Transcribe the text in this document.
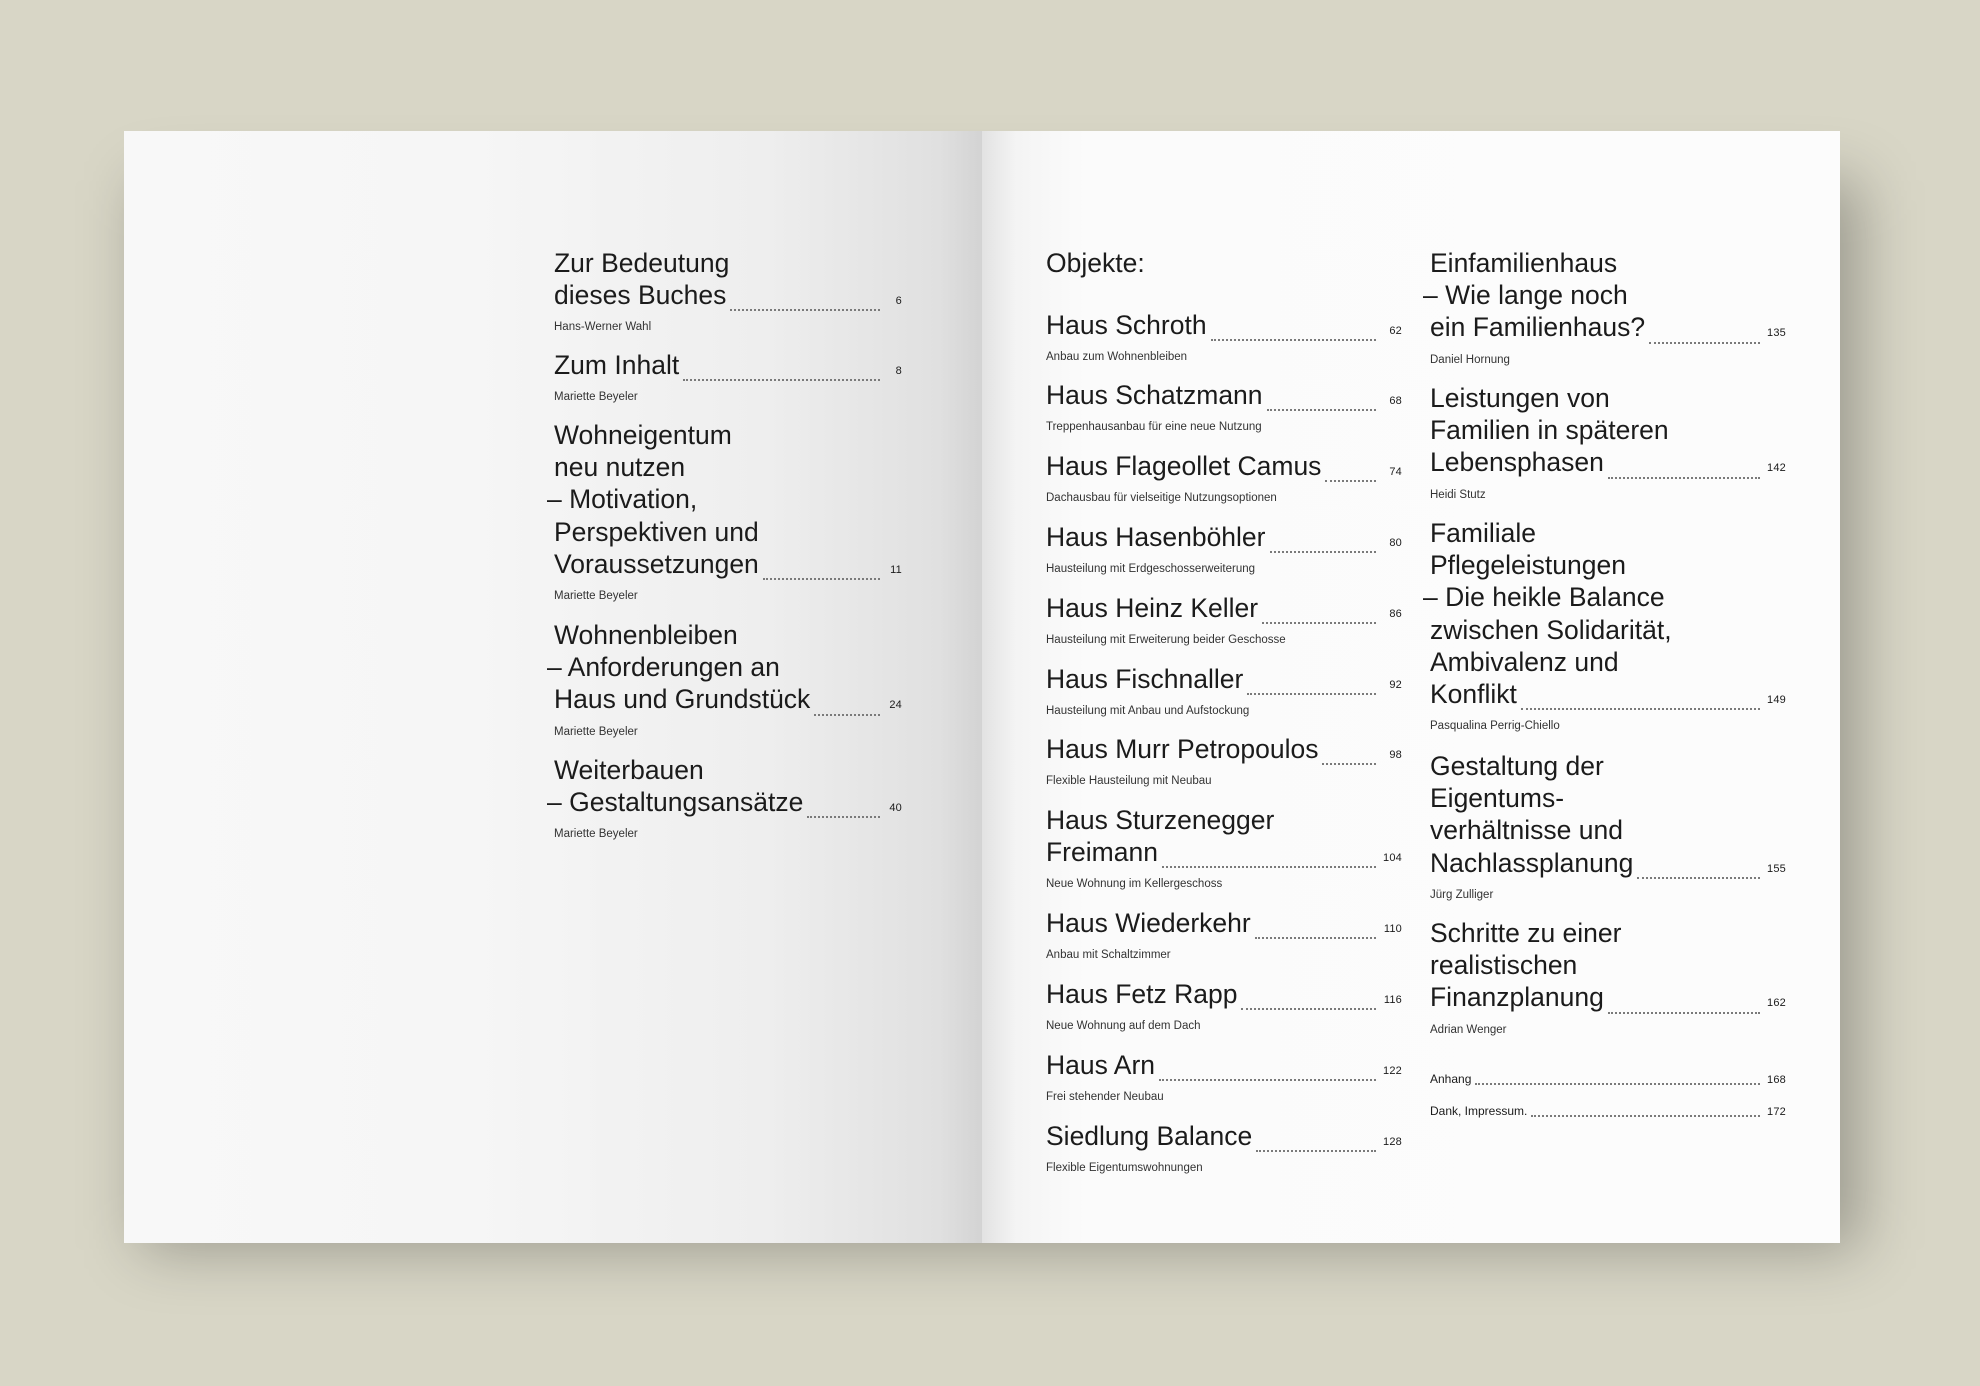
Zur Bedeutung
dieses Buches	6
Hans-Werner Wahl
Zum Inhalt	8
Mariette Beyeler
Wohneigentum
neu nutzen
– Motivation,
Perspektiven und
Voraussetzungen	11
Mariette Beyeler
Wohnenbleiben
– Anforderungen an
Haus und Grundstück	24
Mariette Beyeler
Weiterbauen
– Gestaltungsansätze	40
Mariette Beyeler
Objekte:
Haus Schroth	62
Anbau zum Wohnenbleiben
Haus Schatzmann	68
Treppenhausanbau für eine neue Nutzung
Haus Flageollet Camus	74
Dachausbau für vielseitige Nutzungsoptionen
Haus Hasenböhler	80
Hausteilung mit Erdgeschosserweiterung
Haus Heinz Keller	86
Hausteilung mit Erweiterung beider Geschosse
Haus Fischnaller	92
Hausteilung mit Anbau und Aufstockung
Haus Murr Petropoulos	98
Flexible Hausteilung mit Neubau
Haus Sturzenegger
Freimann	104
Neue Wohnung im Kellergeschoss
Haus Wiederkehr	110
Anbau mit Schaltzimmer
Haus Fetz Rapp	116
Neue Wohnung auf dem Dach
Haus Arn	122
Frei stehender Neubau
Siedlung Balance	128
Flexible Eigentumswohnungen
Einfamilienhaus
– Wie lange noch
ein Familienhaus?	135
Daniel Hornung
Leistungen von
Familien in späteren
Lebensphasen	142
Heidi Stutz
Familiale
Pflegeleistungen
– Die heikle Balance
zwischen Solidarität,
Ambivalenz und
Konflikt	149
Pasqualina Perrig-Chiello
Gestaltung der
Eigentums-
verhältnisse und
Nachlassplanung	155
Jürg Zulliger
Schritte zu einer
realistischen
Finanzplanung	162
Adrian Wenger
Anhang	168
Dank, Impressum.	172
